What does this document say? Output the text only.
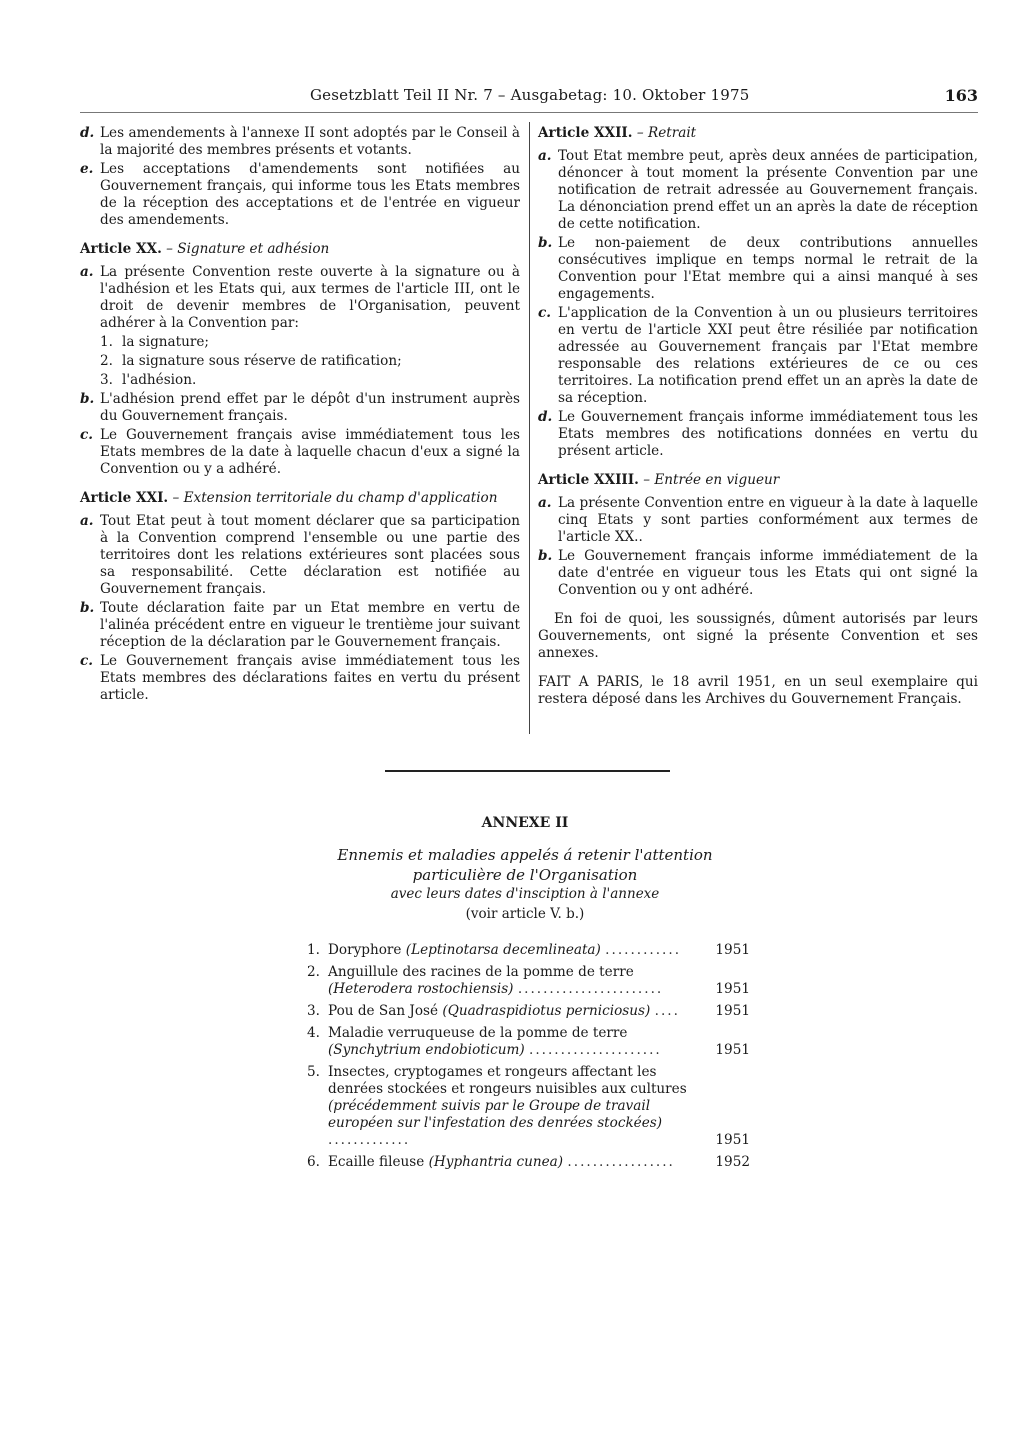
Gesetzblatt Teil II Nr. 7 – Ausgabetag: 10. Oktober 1975	163
d. Les amendements à l'annexe II sont adoptés par le Conseil à la majorité des membres présents et votants.
e. Les acceptations d'amendements sont notifiées au Gouvernement français, qui informe tous les Etats membres de la réception des acceptations et de l'entrée en vigueur des amendements.
Article XX. – Signature et adhésion
a. La présente Convention reste ouverte à la signature ou à l'adhésion et les Etats qui, aux termes de l'article III, ont le droit de devenir membres de l'Organisation, peuvent adhérer à la Convention par:
1. la signature;
2. la signature sous réserve de ratification;
3. l'adhésion.
b. L'adhésion prend effet par le dépôt d'un instrument auprès du Gouvernement français.
c. Le Gouvernement français avise immédiatement tous les Etats membres de la date à laquelle chacun d'eux a signé la Convention ou y a adhéré.
Article XXI. – Extension territoriale du champ d'application
a. Tout Etat peut à tout moment déclarer que sa participation à la Convention comprend l'ensemble ou une partie des territoires dont les relations extérieures sont placées sous sa responsabilité. Cette déclaration est notifiée au Gouvernement français.
b. Toute déclaration faite par un Etat membre en vertu de l'alinéa précédent entre en vigueur le trentième jour suivant réception de la déclaration par le Gouvernement français.
c. Le Gouvernement français avise immédiatement tous les Etats membres des déclarations faites en vertu du présent article.
Article XXII. – Retrait
a. Tout Etat membre peut, après deux années de participation, dénoncer à tout moment la présente Convention par une notification de retrait adressée au Gouvernement français. La dénonciation prend effet un an après la date de réception de cette notification.
b. Le non-paiement de deux contributions annuelles consécutives implique en temps normal le retrait de la Convention pour l'Etat membre qui a ainsi manqué à ses engagements.
c. L'application de la Convention à un ou plusieurs territoires en vertu de l'article XXI peut être résiliée par notification adressée au Gouvernement français par l'Etat membre responsable des relations extérieures de ce ou ces territoires. La notification prend effet un an après la date de sa réception.
d. Le Gouvernement français informe immédiatement tous les Etats membres des notifications données en vertu du présent article.
Article XXIII. – Entrée en vigueur
a. La présente Convention entre en vigueur à la date à laquelle cinq Etats y sont parties conformément aux termes de l'article XX..
b. Le Gouvernement français informe immédiatement de la date d'entrée en vigueur tous les Etats qui ont signé la Convention ou y ont adhéré.

En foi de quoi, les soussignés, dûment autorisés par leurs Gouvernements, ont signé la présente Convention et ses annexes.

FAIT A PARIS, le 18 avril 1951, en un seul exemplaire qui restera déposé dans les Archives du Gouvernement Français.

ANNEXE II
Ennemis et maladies appelés á retenir l'attention
particulière de l'Organisation
avec leurs dates d'insciption à l'annexe
(voir article V. b.)
1. Doryphore (Leptinotarsa decemlineata) ............	1951
2. Anguillule des racines de la pomme de terre (Heterodera rostochiensis) .......................	1951
3. Pou de San José (Quadraspidiotus perniciosus) ....	1951
4. Maladie verruqueuse de la pomme de terre (Synchytrium endobioticum) .....................	1951
5. Insectes, cryptogames et rongeurs affectant les denrées stockées et rongeurs nuisibles aux cultures (précédemment suivis par le Groupe de travail européen sur l'infestation des denrées stockées) .............	1951
6. Ecaille fileuse (Hyphantria cunea) .................	1952
